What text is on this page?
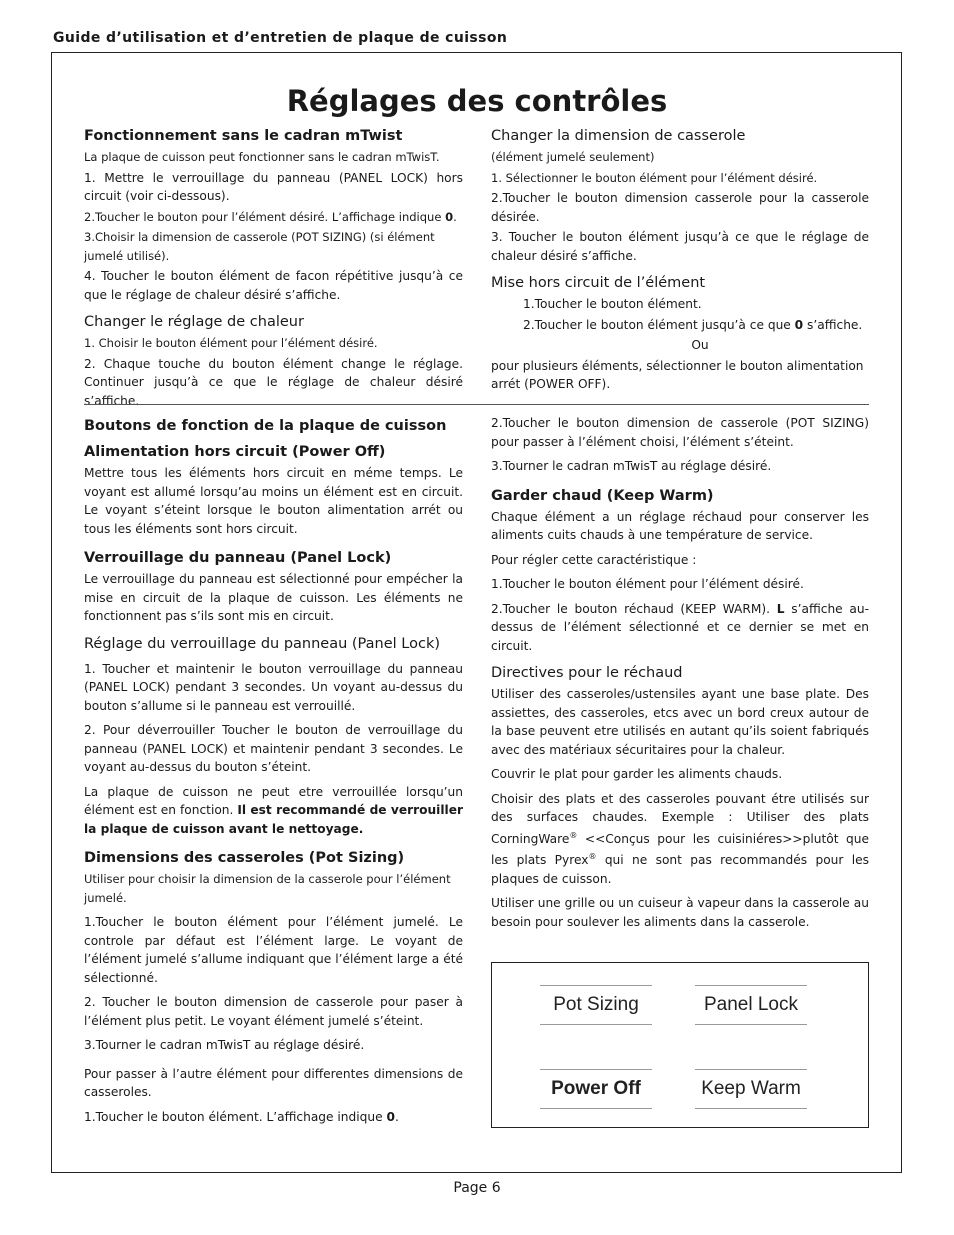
Guide d’utilisation et d’entretien de plaque de cuisson
Réglages des contrôles
Fonctionnement sans le cadran mTwist

La plaque de cuisson peut fonctionner sans le cadran mTwisT.

1. Mettre le verrouillage du panneau (PANEL LOCK) hors circuit (voir ci-dessous).

2.Toucher le bouton pour l’élément désiré. L’affichage indique 0.

3.Choisir la dimension de casserole (POT SIZING) (si élément jumelé utilisé).

4. Toucher le bouton élément de facon répétitive jusqu’à ce que le réglage de chaleur désiré s’affiche.

Changer le réglage de chaleur

1. Choisir le bouton élément pour l’élément désiré.

2. Chaque touche du bouton élément change le réglage. Continuer jusqu’à ce que le réglage de chaleur désiré s’affiche.

Changer la dimension de casserole

(élément jumelé seulement)

1. Sélectionner le bouton élément pour l’élément désiré.

2.Toucher le bouton dimension casserole pour la casserole désirée.

3. Toucher le bouton élément jusqu’à ce que le réglage de chaleur désiré s’affiche.

Mise hors circuit de l’élément

1.Toucher le bouton élément.

2.Toucher le bouton élément jusqu’à ce que 0 s’affiche.

Ou

pour plusieurs éléments, sélectionner le bouton alimentation arrét (POWER OFF).

Boutons de fonction de la plaque de cuisson
Alimentation hors circuit (Power Off)

Mettre tous les éléments hors circuit en méme temps. Le voyant est allumé lorsqu’au moins un élément est en circuit. Le voyant s’éteint lorsque le bouton alimentation arrét ou tous les éléments sont hors circuit.

Verrouillage du panneau (Panel Lock)

Le verrouillage du panneau est sélectionné pour empécher la mise en circuit de la plaque de cuisson. Les éléments ne fonctionnent pas s’ils sont mis en circuit.

Réglage du verrouillage du panneau (Panel Lock)

1. Toucher et maintenir le bouton verrouillage du panneau (PANEL LOCK) pendant 3 secondes. Un voyant au-dessus du bouton s’allume si le panneau est verrouillé.

2. Pour déverrouiller Toucher le bouton de verrouillage du panneau (PANEL LOCK) et maintenir pendant 3 secondes. Le voyant au-dessus du bouton s’éteint.

La plaque de cuisson ne peut etre verrouillée lorsqu’un élément est en fonction. Il est recommandé de verrouiller la plaque de cuisson avant le nettoyage.

Dimensions des casseroles (Pot Sizing)

Utiliser pour choisir la dimension de la casserole pour l’élément jumelé.

1.Toucher le bouton élément pour l’élément jumelé. Le controle par défaut est l’élément large. Le voyant de l’élément jumelé s’allume indiquant que l’élément large a été sélectionné.

2. Toucher le bouton dimension de casserole pour paser à l’élément plus petit. Le voyant élément jumelé s’éteint.

3.Tourner le cadran mTwisT au réglage désiré.

Pour passer à l’autre élément pour differentes dimensions de casseroles.

1.Toucher le bouton élément. L’affichage indique 0.

2.Toucher le bouton dimension de casserole (POT SIZING) pour passer à l’élément choisi, l’élément s’éteint.

3.Tourner le cadran mTwisT au réglage désiré.

Garder chaud (Keep Warm)

Chaque élément a un réglage réchaud pour conserver les aliments cuits chauds à une température de service.

Pour régler cette caractéristique :

1.Toucher le bouton élément pour l’élément désiré.

2.Toucher le bouton réchaud (KEEP WARM). L s’affiche au-dessus de l’élément sélectionné et ce dernier se met en circuit.

Directives pour le réchaud

Utiliser des casseroles/ustensiles ayant une base plate. Des assiettes, des casseroles, etcs avec un bord creux autour de la base peuvent etre utilisés en autant qu’ils soient fabriqués avec des matériaux sécuritaires pour la chaleur.

Couvrir le plat pour garder les aliments chauds.

Choisir des plats et des casseroles pouvant étre utilisés sur des surfaces chaudes. Exemple : Utiliser des plats CorningWare® <<Conçus pour les cuisiniéres>>plutôt que les plats Pyrex® qui ne sont pas recommandés pour les plaques de cuisson.

Utiliser une grille ou un cuiseur à vapeur dans la casserole au besoin pour soulever les aliments dans la casserole.

Pot Sizing	Panel Lock
Power Off	Keep Warm
Page 6
